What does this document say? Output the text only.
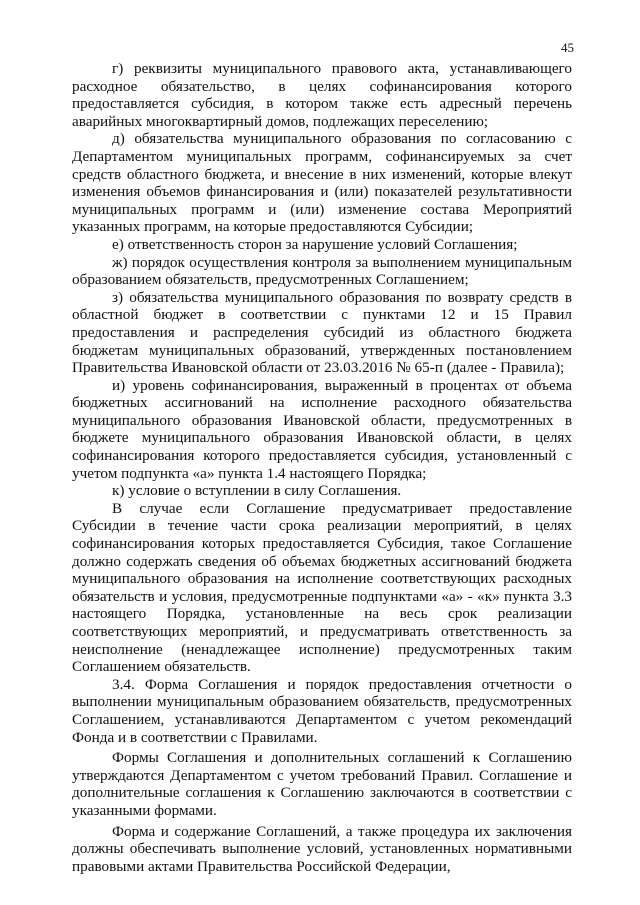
45

г) реквизиты муниципального правового акта, устанавливающего расходное обязательство, в целях софинансирования которого предоставляется субсидия, в котором также есть адресный перечень аварийных многоквартирный домов, подлежащих переселению;

д) обязательства муниципального образования по согласованию с Департаментом муниципальных программ, софинансируемых за счет средств областного бюджета, и внесение в них изменений, которые влекут изменения объемов финансирования и (или) показателей результативности муниципальных программ и (или) изменение состава Мероприятий указанных программ, на которые предоставляются Субсидии;

е) ответственность сторон за нарушение условий Соглашения;

ж) порядок осуществления контроля за выполнением муниципальным образованием обязательств, предусмотренных Соглашением;

з) обязательства муниципального образования по возврату средств в областной бюджет в соответствии с пунктами 12 и 15 Правил предоставления и распределения субсидий из областного бюджета бюджетам муниципальных образований, утвержденных постановлением Правительства Ивановской области от 23.03.2016 № 65-п (далее - Правила);

и) уровень софинансирования, выраженный в процентах от объема бюджетных ассигнований на исполнение расходного обязательства муниципального образования Ивановской области, предусмотренных в бюджете муниципального образования Ивановской области, в целях софинансирования которого предоставляется субсидия, установленный с учетом подпункта «а» пункта 1.4 настоящего Порядка;

к) условие о вступлении в силу Соглашения.

В случае если Соглашение предусматривает предоставление Субсидии в течение части срока реализации мероприятий, в целях софинансирования которых предоставляется Субсидия, такое Соглашение должно содержать сведения об объемах бюджетных ассигнований бюджета муниципального образования на исполнение соответствующих расходных обязательств и условия, предусмотренные подпунктами «а» - «к» пункта 3.3 настоящего Порядка, установленные на весь срок реализации соответствующих мероприятий, и предусматривать ответственность за неисполнение (ненадлежащее исполнение) предусмотренных таким Соглашением обязательств.

3.4. Форма Соглашения и порядок предоставления отчетности о выполнении муниципальным образованием обязательств, предусмотренных Соглашением, устанавливаются Департаментом с учетом рекомендаций Фонда и в соответствии с Правилами.

Формы Соглашения и дополнительных соглашений к Соглашению утверждаются Департаментом с учетом требований Правил. Соглашение и дополнительные соглашения к Соглашению заключаются в соответствии с указанными формами.

Форма и содержание Соглашений, а также процедура их заключения должны обеспечивать выполнение условий, установленных нормативными правовыми актами Правительства Российской Федерации,
